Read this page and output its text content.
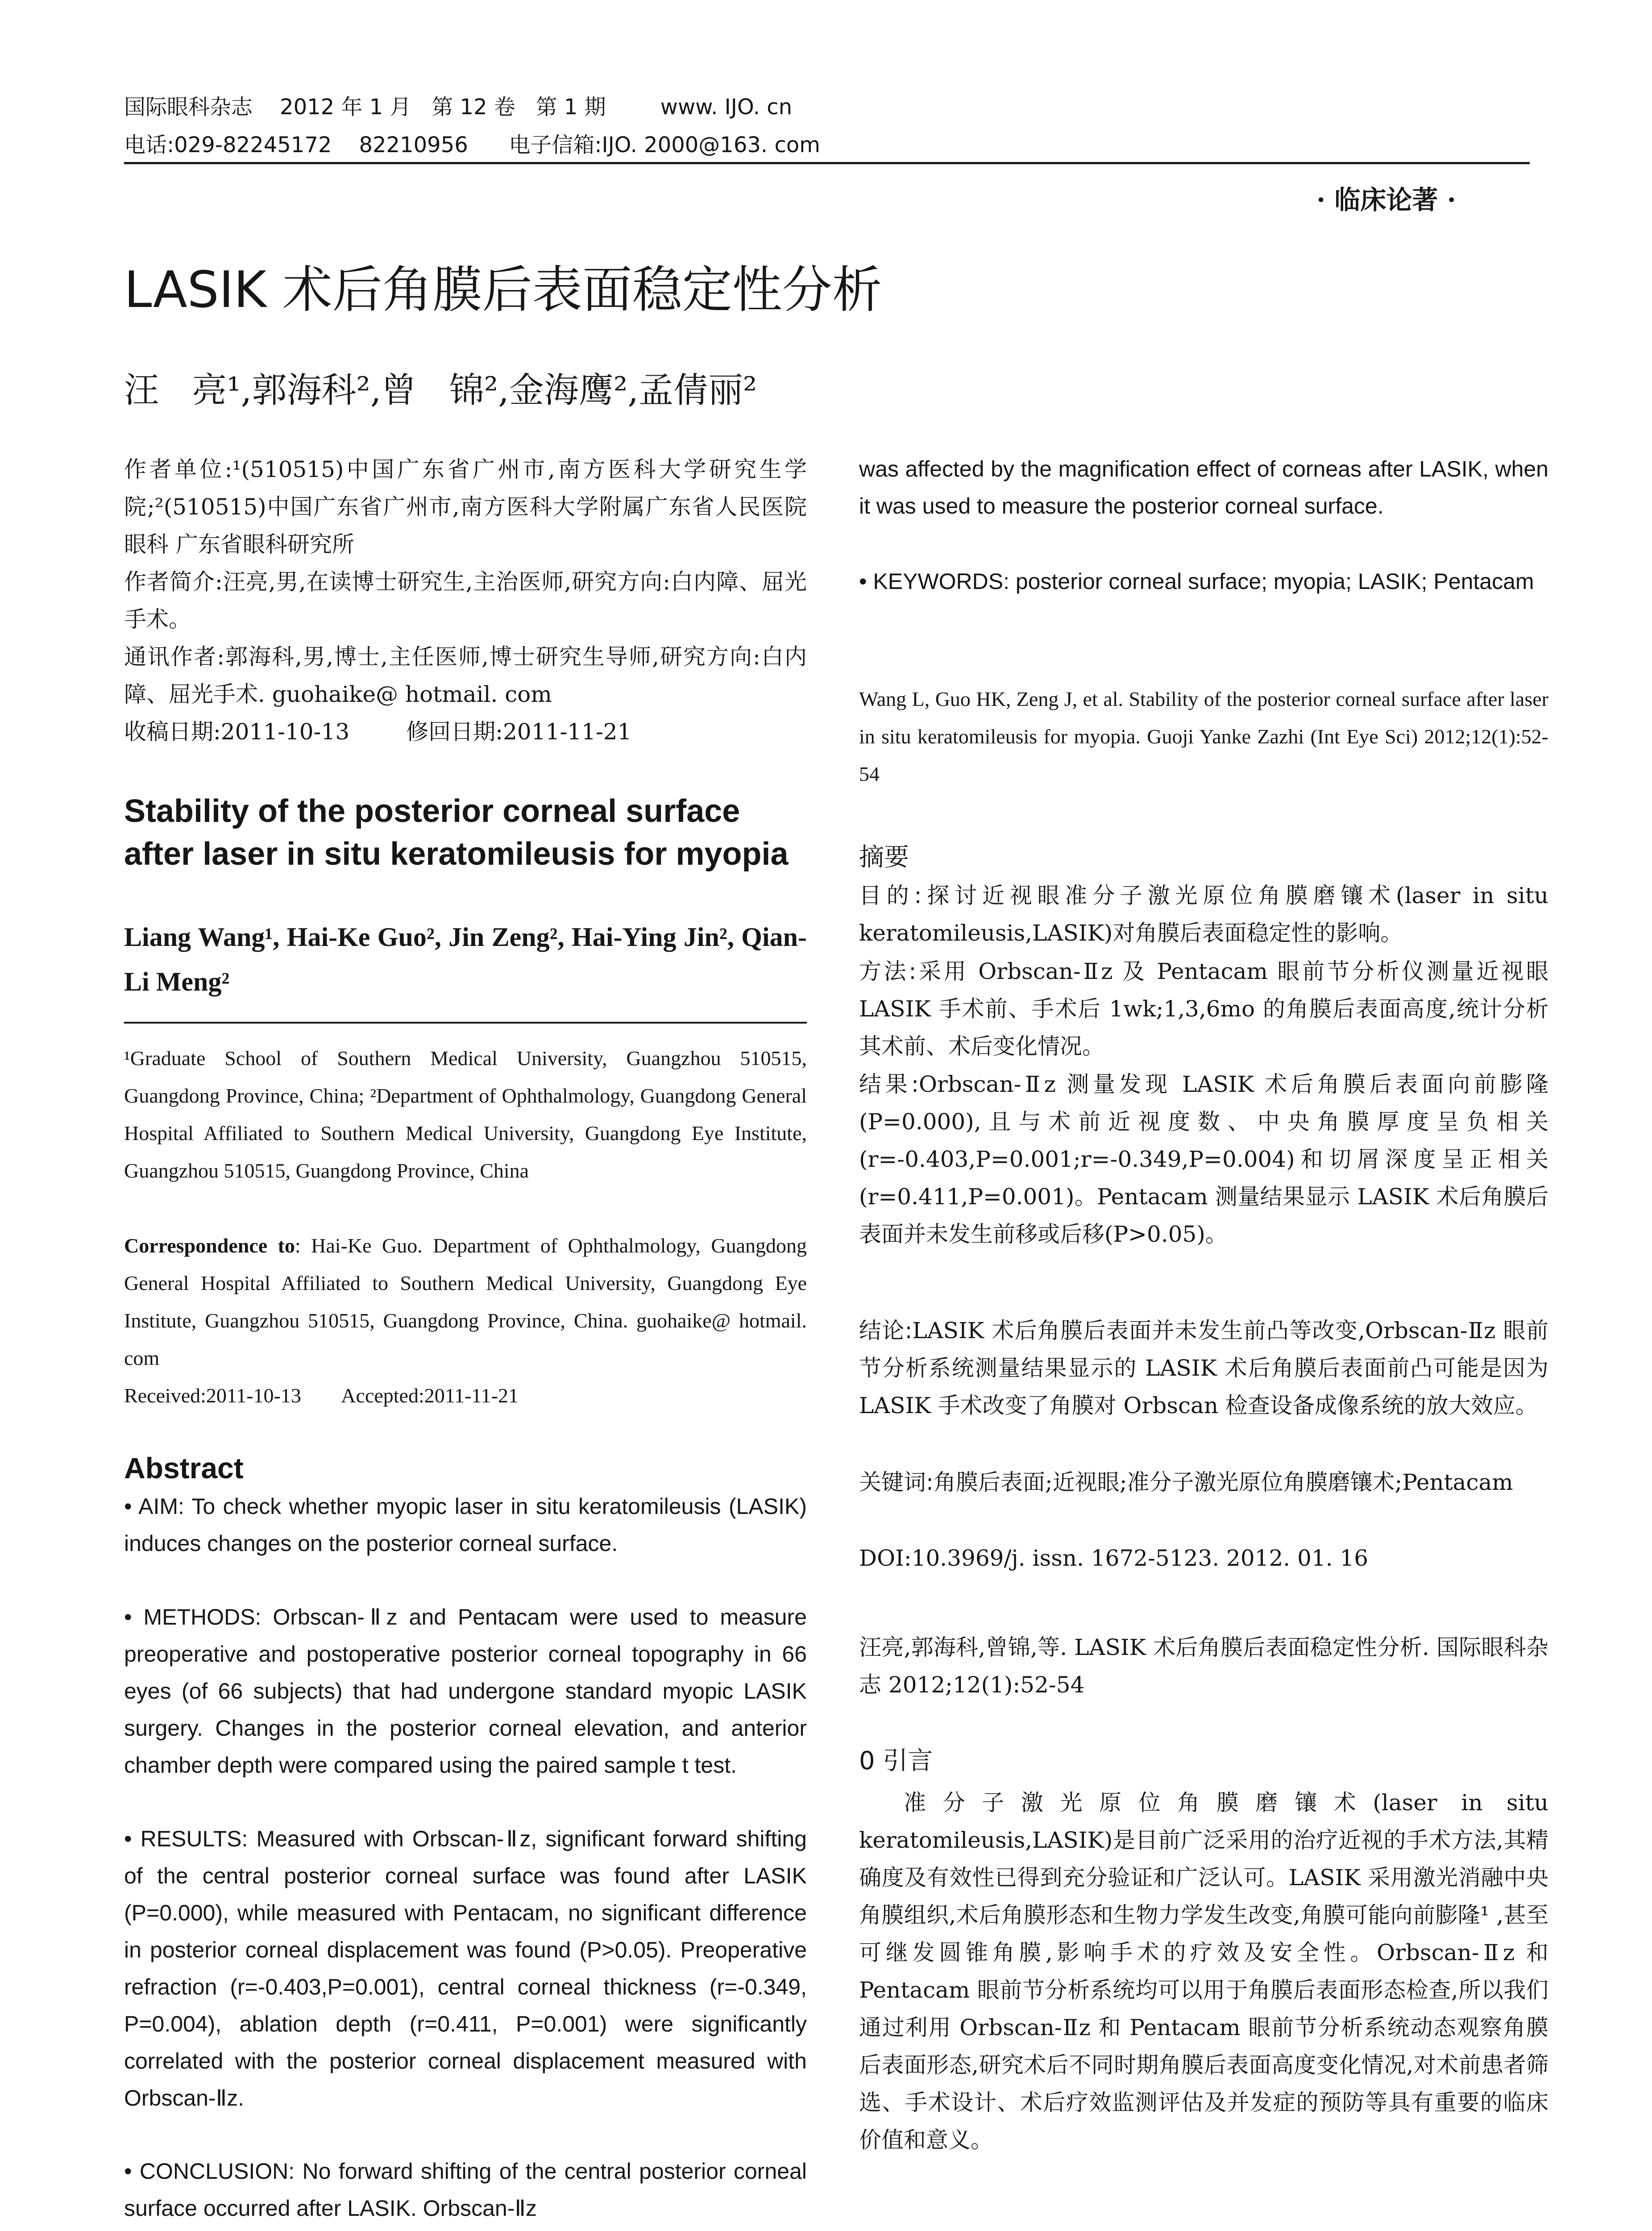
国际眼科杂志    2012 年 1 月   第 12 卷   第 1 期        www. IJO. cn
电话:029-82245172    82210956      电子信箱:IJO. 2000@163. com
· 临床论著 ·
LASIK 术后角膜后表面稳定性分析
汪   亮¹,郭海科²,曾   锦²,金海鹰²,孟倩丽²
作者单位:¹(510515)中国广东省广州市,南方医科大学研究生学院;²(510515)中国广东省广州市,南方医科大学附属广东省人民医院眼科 广东省眼科研究所
作者简介:汪亮,男,在读博士研究生,主治医师,研究方向:白内障、屈光手术。
通讯作者:郭海科,男,博士,主任医师,博士研究生导师,研究方向:白内障、屈光手术. guohaike@ hotmail. com
收稿日期:2011-10-13        修回日期:2011-11-21
Stability of the posterior corneal surface after laser in situ keratomileusis for myopia
Liang Wang¹, Hai-Ke Guo², Jin Zeng², Hai-Ying Jin², Qian-Li Meng²
¹Graduate School of Southern Medical University, Guangzhou 510515, Guangdong Province, China; ²Department of Ophthalmology, Guangdong General Hospital Affiliated to Southern Medical University, Guangdong Eye Institute, Guangzhou 510515, Guangdong Province, China
Correspondence to: Hai-Ke Guo. Department of Ophthalmology, Guangdong General Hospital Affiliated to Southern Medical University, Guangdong Eye Institute, Guangzhou 510515, Guangdong Province, China. guohaike@ hotmail. com
Received:2011-10-13        Accepted:2011-11-21
Abstract
• AIM: To check whether myopic laser in situ keratomileusis (LASIK) induces changes on the posterior corneal surface.
• METHODS: Orbscan-Ⅱz and Pentacam were used to measure preoperative and postoperative posterior corneal topography in 66 eyes (of 66 subjects) that had undergone standard myopic LASIK surgery. Changes in the posterior corneal elevation, and anterior chamber depth were compared using the paired sample t test.
• RESULTS: Measured with Orbscan-Ⅱz, significant forward shifting of the central posterior corneal surface was found after LASIK (P=0.000), while measured with Pentacam, no significant difference in posterior corneal displacement was found (P>0.05). Preoperative refraction (r=-0.403,P=0.001), central corneal thickness (r=-0.349, P=0.004), ablation depth (r=0.411, P=0.001) were significantly correlated with the posterior corneal displacement measured with Orbscan-Ⅱz.
• CONCLUSION: No forward shifting of the central posterior corneal surface occurred after LASIK. Orbscan-Ⅱz
was affected by the magnification effect of corneas after LASIK, when it was used to measure the posterior corneal surface.
• KEYWORDS: posterior corneal surface; myopia; LASIK; Pentacam
Wang L, Guo HK, Zeng J, et al. Stability of the posterior corneal surface after laser in situ keratomileusis for myopia. Guoji Yanke Zazhi (Int Eye Sci) 2012;12(1):52-54
摘要
目的:探讨近视眼准分子激光原位角膜磨镶术(laser in situ keratomileusis,LASIK)对角膜后表面稳定性的影响。
方法:采用 Orbscan-Ⅱz 及 Pentacam 眼前节分析仪测量近视眼 LASIK 手术前、手术后 1wk;1,3,6mo 的角膜后表面高度,统计分析其术前、术后变化情况。
结果:Orbscan-Ⅱz 测量发现 LASIK 术后角膜后表面向前膨隆(P=0.000),且与术前近视度数、中央角膜厚度呈负相关(r=-0.403,P=0.001;r=-0.349,P=0.004)和切屑深度呈正相关(r=0.411,P=0.001)。Pentacam 测量结果显示 LASIK 术后角膜后表面并未发生前移或后移(P>0.05)。
结论:LASIK 术后角膜后表面并未发生前凸等改变,Orbscan-Ⅱz 眼前节分析系统测量结果显示的 LASIK 术后角膜后表面前凸可能是因为 LASIK 手术改变了角膜对 Orbscan 检查设备成像系统的放大效应。
关键词:角膜后表面;近视眼;准分子激光原位角膜磨镶术;Pentacam
DOI:10.3969/j. issn. 1672-5123. 2012. 01. 16
汪亮,郭海科,曾锦,等. LASIK 术后角膜后表面稳定性分析. 国际眼科杂志 2012;12(1):52-54
0 引言
准分子激光原位角膜磨镶术(laser in situ keratomileusis,LASIK)是目前广泛采用的治疗近视的手术方法,其精确度及有效性已得到充分验证和广泛认可。LASIK 采用激光消融中央角膜组织,术后角膜形态和生物力学发生改变,角膜可能向前膨隆¹ ,甚至可继发圆锥角膜,影响手术的疗效及安全性。Orbscan-Ⅱz 和 Pentacam 眼前节分析系统均可以用于角膜后表面形态检查,所以我们通过利用 Orbscan-Ⅱz 和 Pentacam 眼前节分析系统动态观察角膜后表面形态,研究术后不同时期角膜后表面高度变化情况,对术前患者筛选、手术设计、术后疗效监测评估及并发症的预防等具有重要的临床价值和意义。
